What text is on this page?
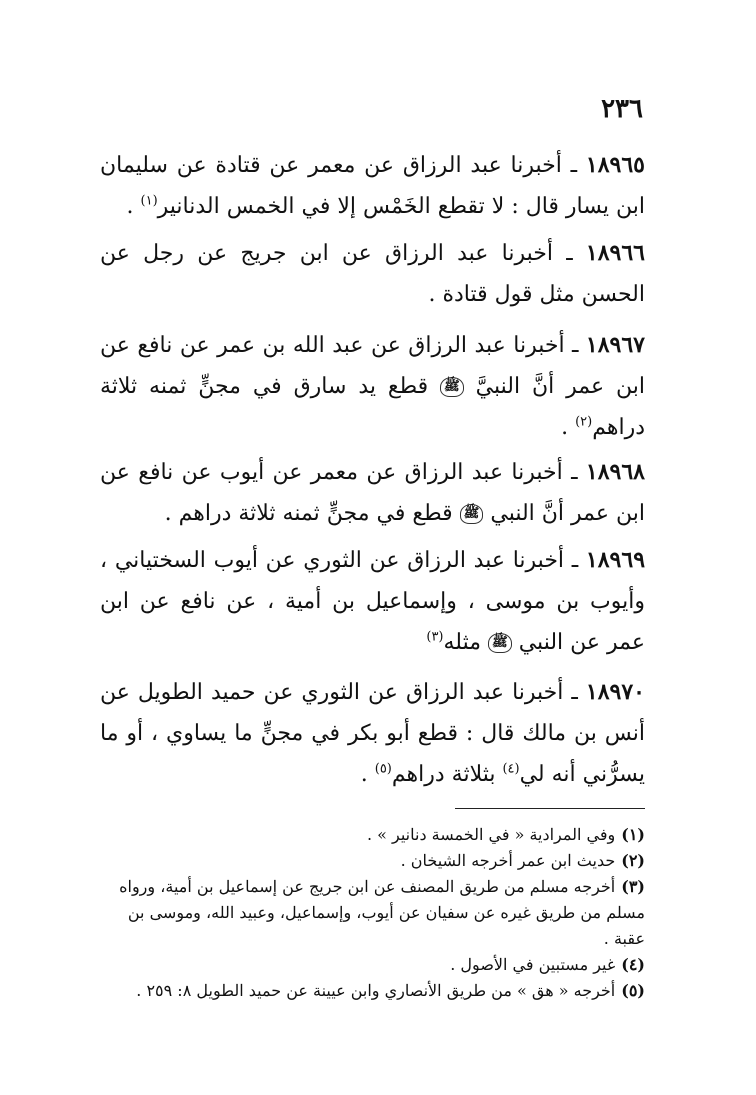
٢٣٦

١٨٩٦٥ ـ أخبرنا عبد الرزاق عن معمر عن قتادة عن سليمان ابن يسار قال : لا تقطع الخَمْس إلا في الخمس الدنانير$^{(١)}$ .

١٨٩٦٦ ـ أخبرنا عبد الرزاق عن ابن جريج عن رجل عن الحسن مثل قول قتادة .

١٨٩٦٧ ـ أخبرنا عبد الرزاق عن عبد الله بن عمر عن نافع عن ابن عمر أنَّ النبيَّ ﷺ قطع يد سارق في مجنٍّ ثمنه ثلاثة دراهم$^{(٢)}$ .

١٨٩٦٨ ـ أخبرنا عبد الرزاق عن معمر عن أيوب عن نافع عن ابن عمر أنَّ النبي ﷺ قطع في مجنٍّ ثمنه ثلاثة دراهم .

١٨٩٦٩ ـ أخبرنا عبد الرزاق عن الثوري عن أيوب السختياني ، وأيوب بن موسى ، وإسماعيل بن أمية ، عن نافع عن ابن عمر عن النبي ﷺ مثله$^{(٣)}$

١٨٩٧٠ ـ أخبرنا عبد الرزاق عن الثوري عن حميد الطويل عن أنس بن مالك قال : قطع أبو بكر في مجنٍّ ما يساوي ، أو ما يسرُّني أنه لي$^{(٤)}$ بثلاثة دراهم$^{(٥)}$ .

(١)وفي المرادية « في الخمسة دنانير » .

(٢)حديث ابن عمر أخرجه الشيخان .

(٣)أخرجه مسلم من طريق المصنف عن ابن جريج عن إسماعيل بن أمية، ورواه مسلم من طريق غيره عن سفيان عن أيوب، وإسماعيل، وعبيد الله، وموسى بن عقبة .

(٤)غير مستبين في الأصول .

(٥)أخرجه « هق » من طريق الأنصاري وابن عيينة عن حميد الطويل ٨: ٢٥٩ .
